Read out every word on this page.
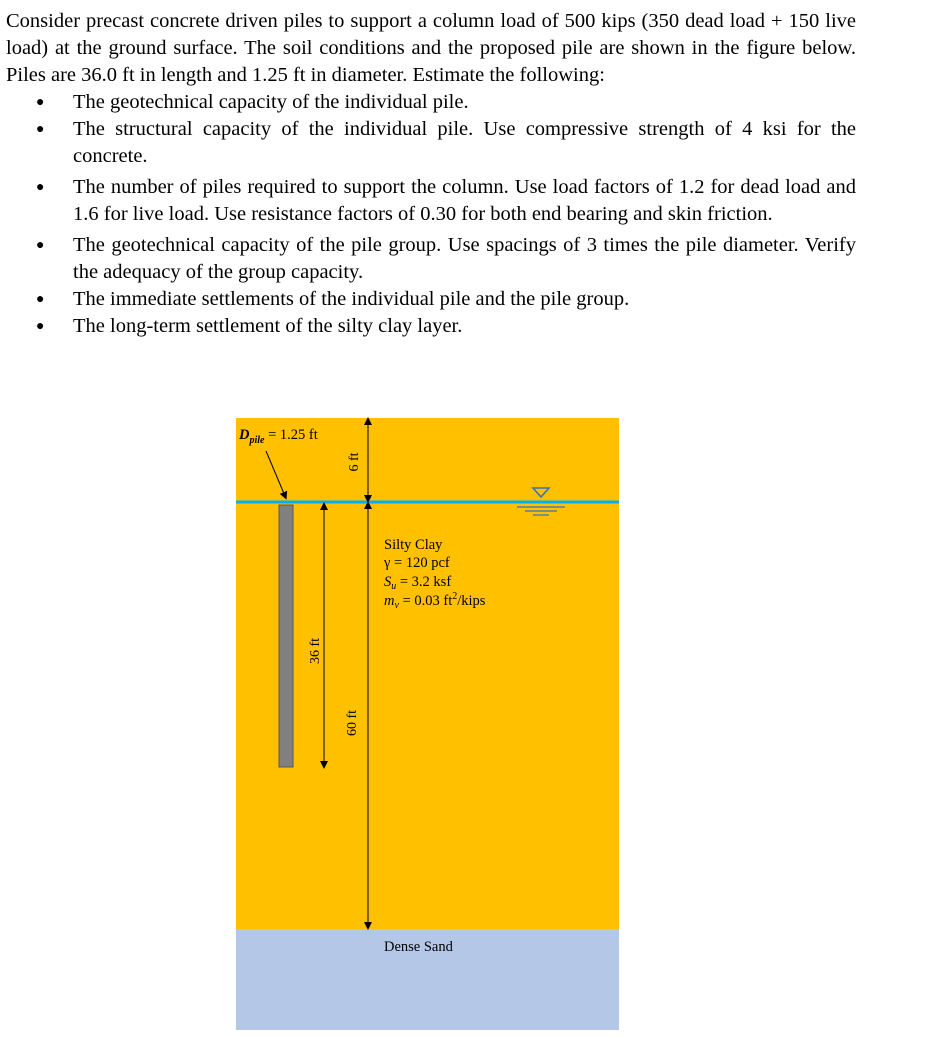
Consider precast concrete driven piles to support a column load of 500 kips (350 dead load + 150 live load) at the ground surface. The soil conditions and the proposed pile are shown in the figure below. Piles are 36.0 ft in length and 1.25 ft in diameter. Estimate the following:

● The geotechnical capacity of the individual pile.
● The structural capacity of the individual pile. Use compressive strength of 4 ksi for the concrete.
● The number of piles required to support the column. Use load factors of 1.2 for dead load and 1.6 for live load. Use resistance factors of 0.30 for both end bearing and skin friction.
● The geotechnical capacity of the pile group. Use spacings of 3 times the pile diameter. Verify the adequacy of the group capacity.
● The immediate settlements of the individual pile and the pile group.
● The long-term settlement of the silty clay layer.
$D_{pile} = 1.25$ ft
6 ft
36 ft
60 ft
Silty Clay
γ = 120 pcf
$S_u = 3.2$ ksf
$m_v = 0.03$ $ft^2$/kips
Dense Sand
